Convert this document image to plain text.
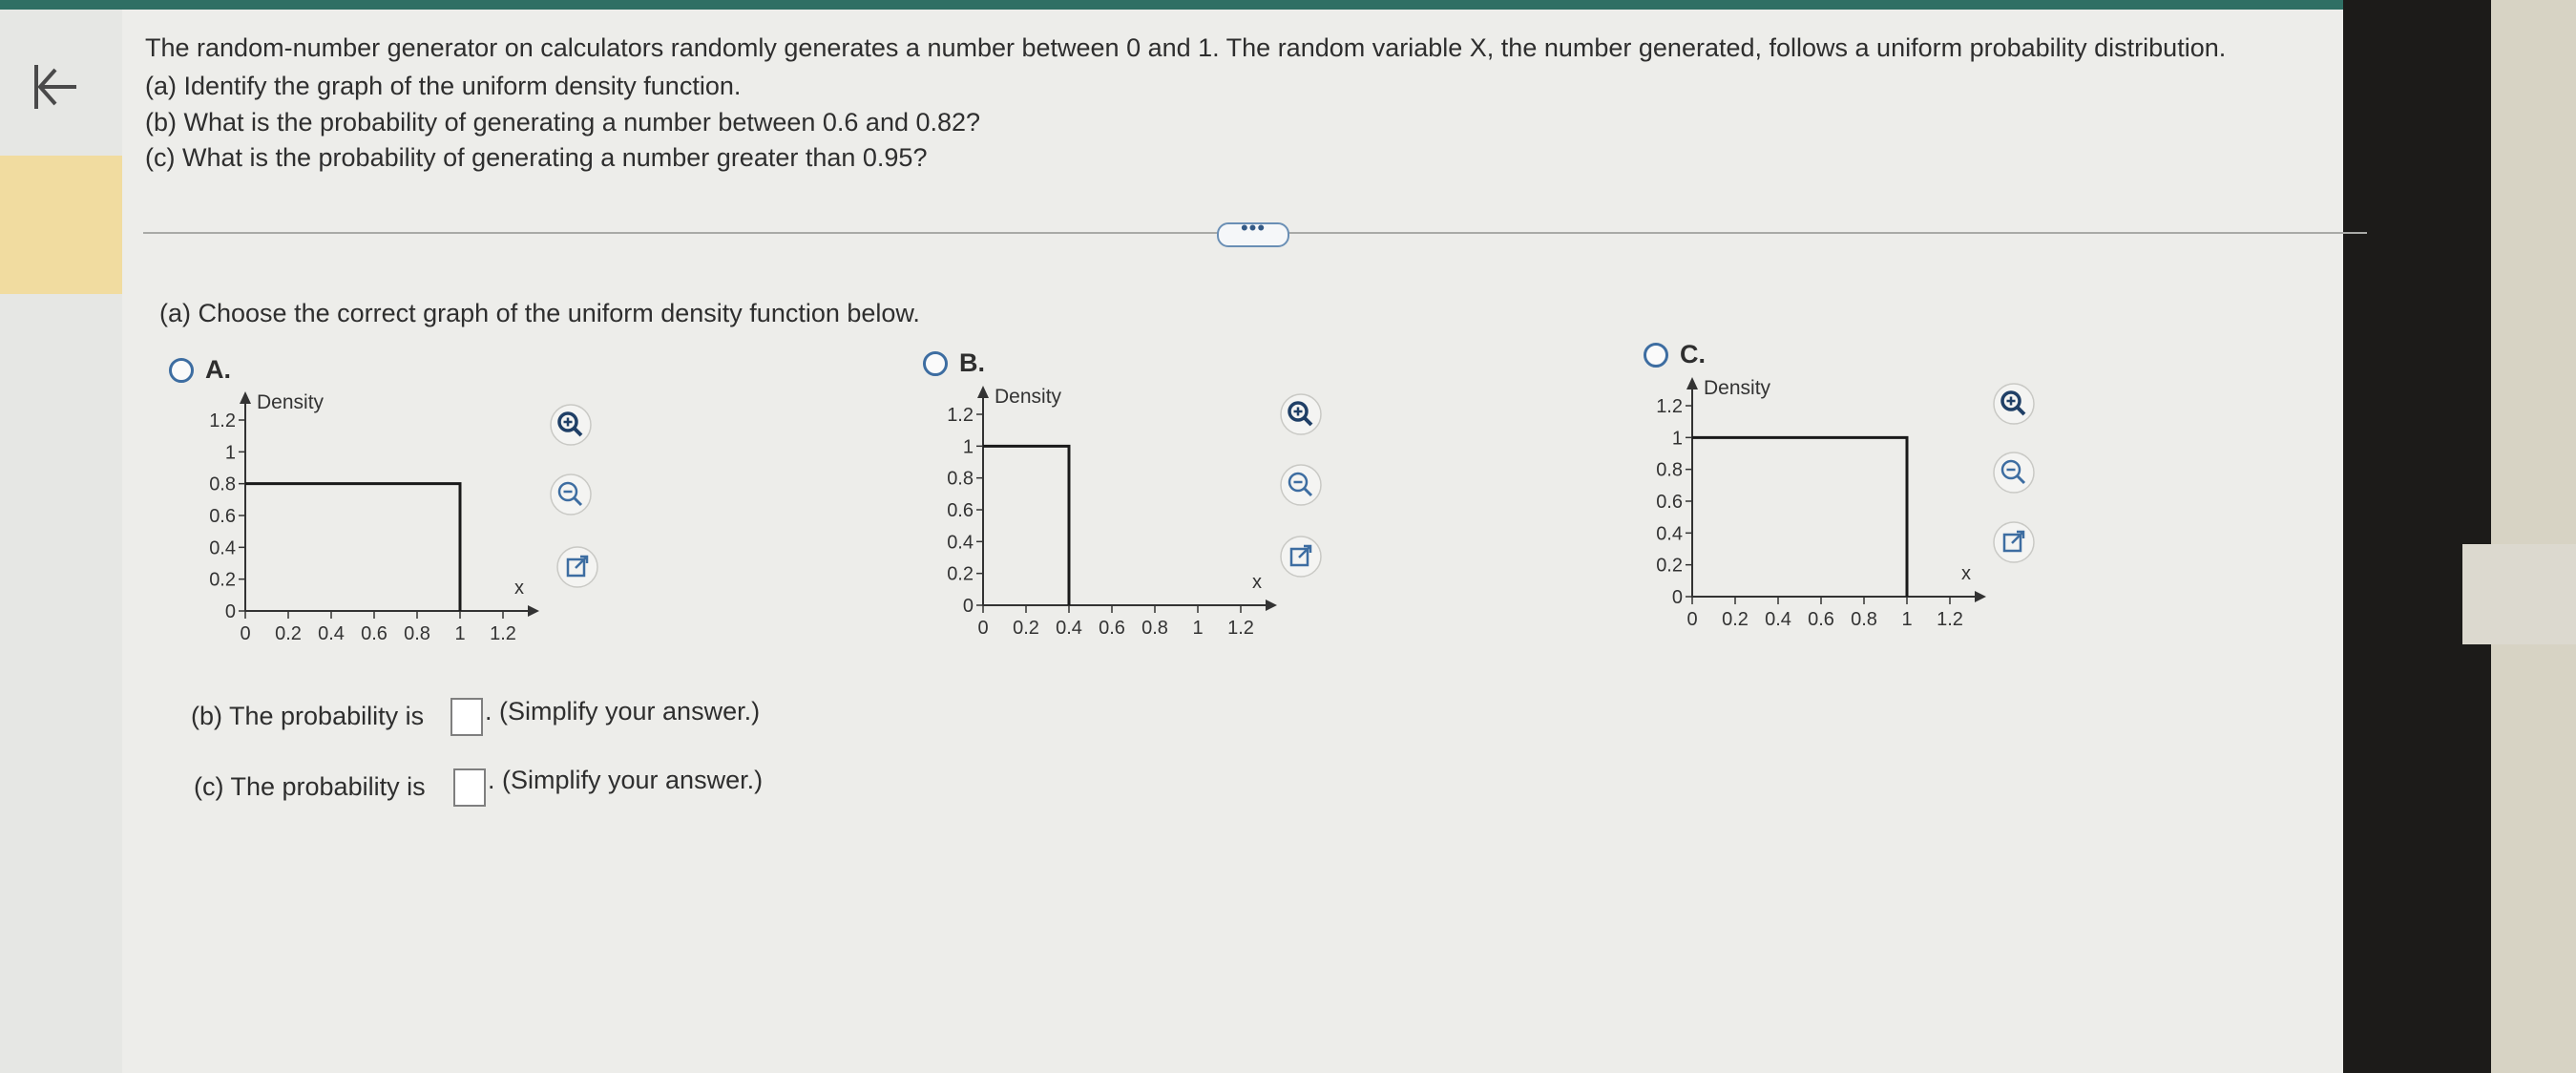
The random-number generator on calculators randomly generates a number between 0 and 1. The random variable X, the number generated, follows a uniform probability distribution.
(a) Identify the graph of the uniform density function.
(b) What is the probability of generating a number between 0.6 and 0.82?
(c) What is the probability of generating a number greater than 0.95?
•••
(a) Choose the correct graph of the uniform density function below.
A.	B.	C.
0
0.2
0.4
0.6
0.8
1
1.2
0 0.2 0.4 0.6 0.8 1 1.2
Density
x
0
0.2
0.4
0.6
0.8
1
1.2
0 0.2 0.4 0.6 0.8 1 1.2
Density
x
0
0.2
0.4
0.6
0.8
1
1.2
0 0.2 0.4 0.6 0.8 1 1.2
Density
x
(b) The probability is . (Simplify your answer.)
(c) The probability is . (Simplify your answer.)
